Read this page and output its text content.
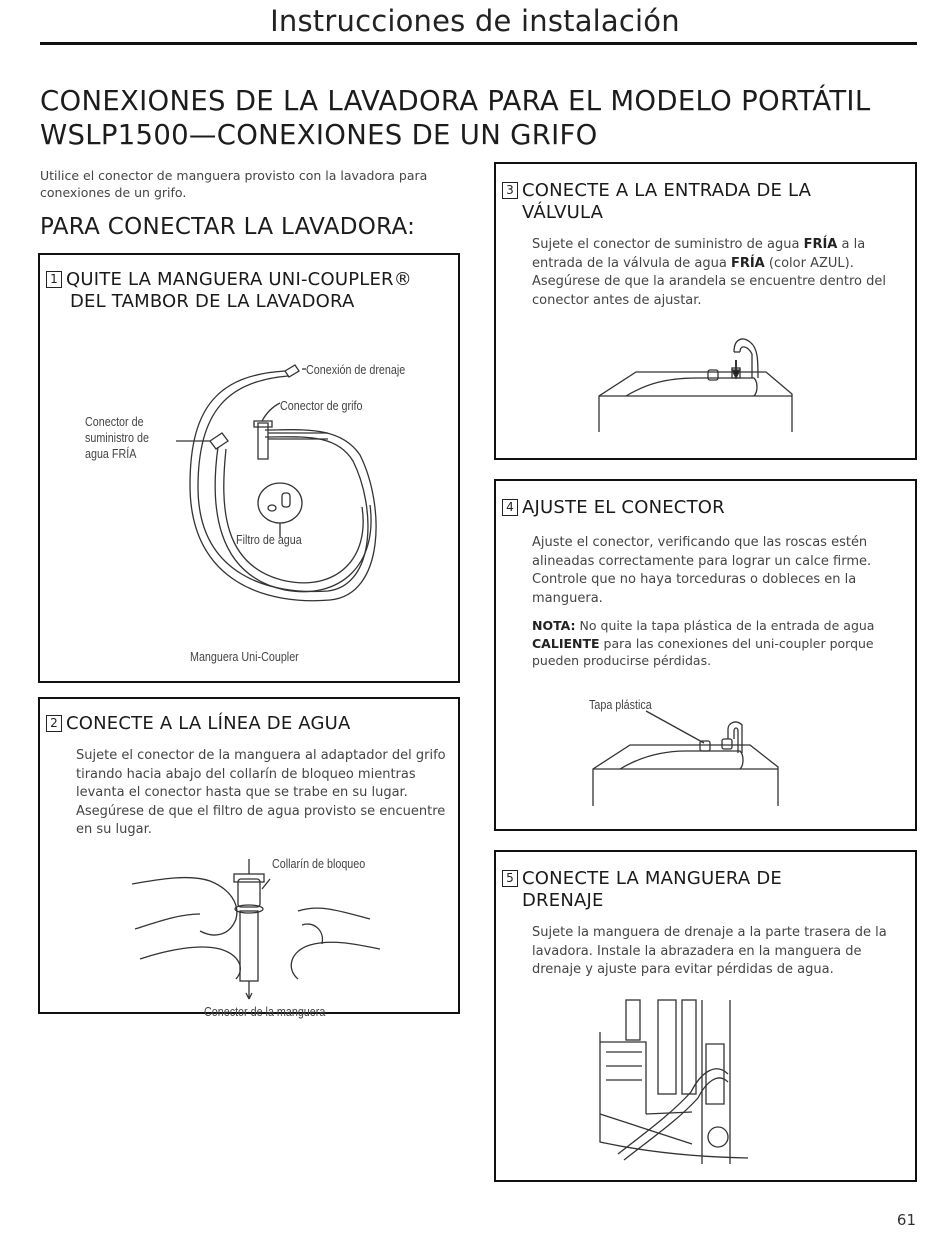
Instrucciones de instalación
CONEXIONES DE LA LAVADORA PARA EL MODELO PORTÁTIL
WSLP1500—CONEXIONES DE UN GRIFO
Utilice el conector de manguera provisto con la lavadora para conexiones de un grifo.
PARA CONECTAR LA LAVADORA:
1 QUITE LA MANGUERA UNI-COUPLER®
DEL TAMBOR DE LA LAVADORA
Conexión de drenaje
Conector de grifo
Conector de
suministro de
agua FRÍA
Filtro de agua
Manguera Uni-Coupler
2 CONECTE A LA LÍNEA DE AGUA
Sujete el conector de la manguera al adaptador del grifo tirando hacia abajo del collarín de bloqueo mientras levanta el conector hasta que se trabe en su lugar. Asegúrese de que el filtro de agua provisto se encuentre en su lugar.
Collarín de bloqueo
Conector de la manguera
3 CONECTE A LA ENTRADA DE LA
VÁLVULA
Sujete el conector de suministro de agua FRÍA a la entrada de la válvula de agua FRÍA (color AZUL). Asegúrese de que la arandela se encuentre dentro del conector antes de ajustar.
4 AJUSTE EL CONECTOR
Ajuste el conector, verificando que las roscas estén alineadas correctamente para lograr un calce firme. Controle que no haya torceduras o dobleces en la manguera.
NOTA: No quite la tapa plástica de la entrada de agua CALIENTE para las conexiones del uni-coupler porque pueden producirse pérdidas.
Tapa plástica
5 CONECTE LA MANGUERA DE
DRENAJE
Sujete la manguera de drenaje a la parte trasera de la lavadora. Instale la abrazadera en la manguera de drenaje y ajuste para evitar pérdidas de agua.
61
